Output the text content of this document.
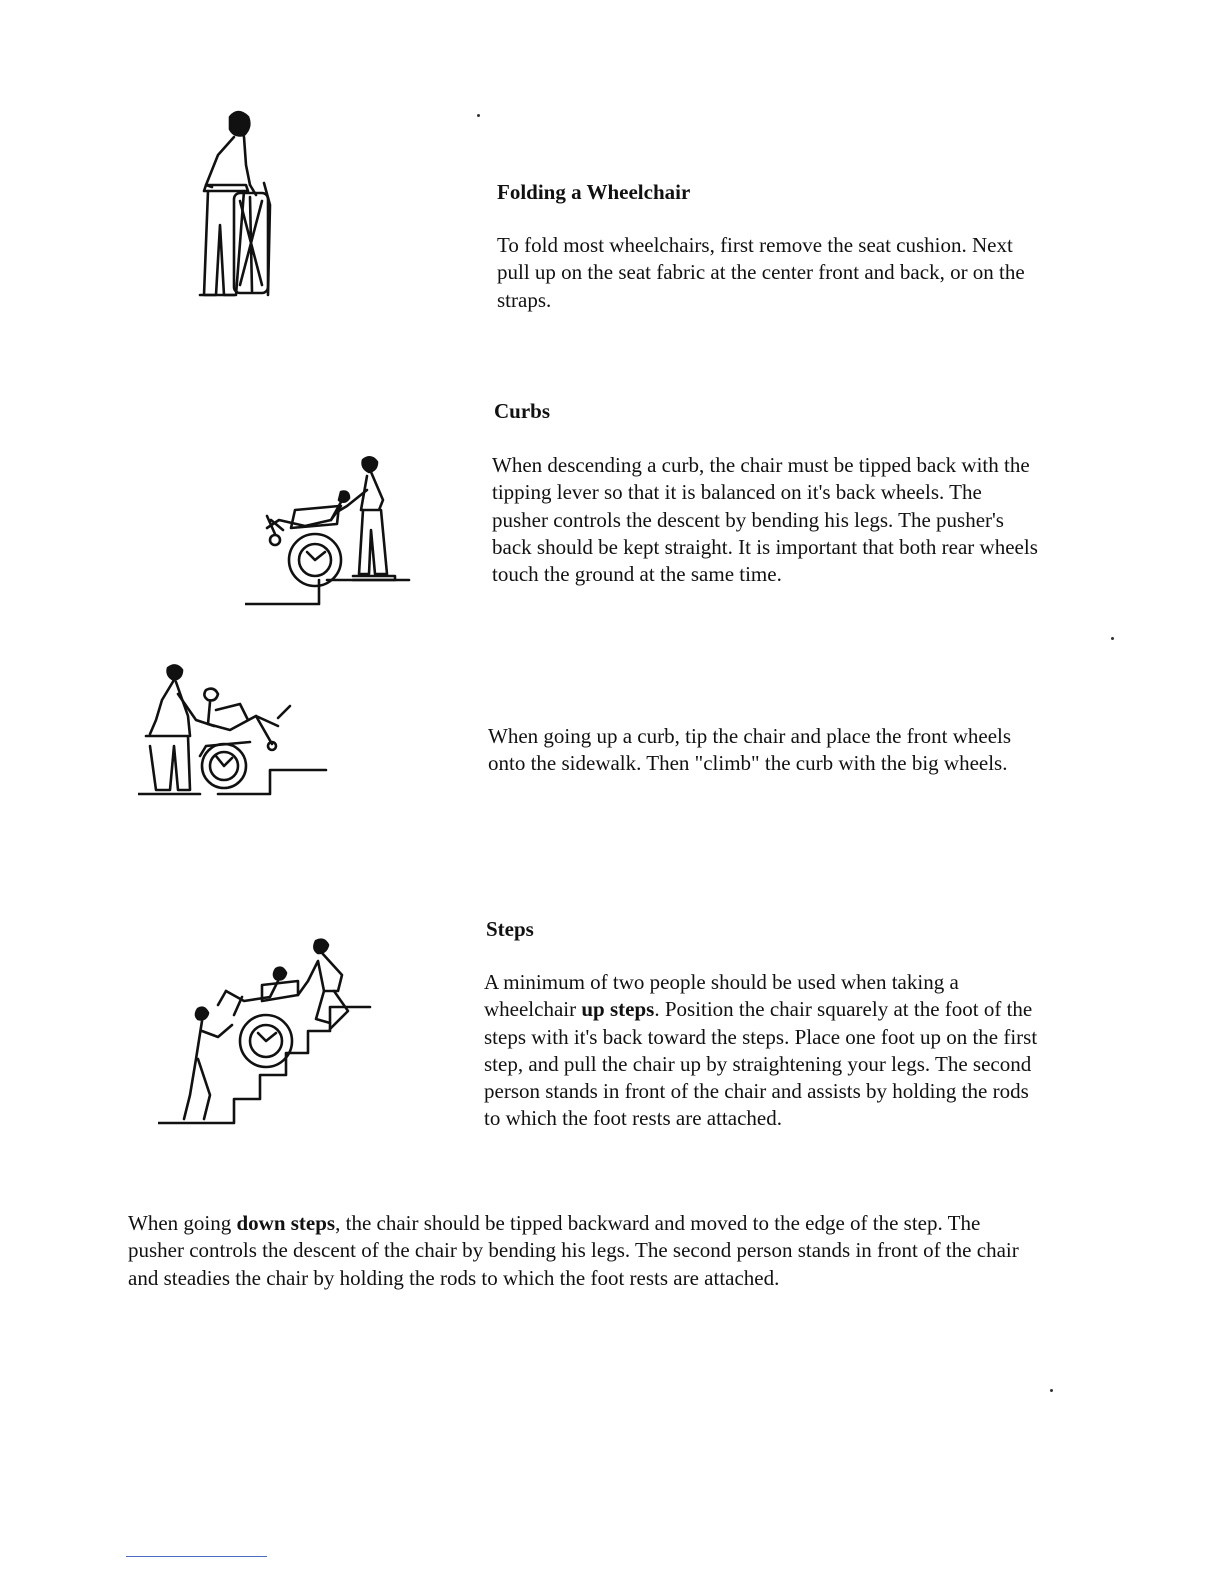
Folding a Wheelchair
To fold most wheelchairs, first remove the seat cushion. Next pull up on the seat fabric at the center front and back, or on the straps.
Curbs
When descending a curb, the chair must be tipped back with the tipping lever so that it is balanced on it's back wheels. The pusher controls the descent by bending his legs. The pusher's back should be kept straight. It is important that both rear wheels touch the ground at the same time.
When going up a curb, tip the chair and place the front wheels onto the sidewalk. Then "climb" the curb with the big wheels.
Steps
A minimum of two people should be used when taking a wheelchair up steps. Position the chair squarely at the foot of the steps with it's back toward the steps. Place one foot up on the first step, and pull the chair up by straightening your legs. The second person stands in front of the chair and assists by holding the rods to which the foot rests are attached.
When going down steps, the chair should be tipped backward and moved to the edge of the step. The pusher controls the descent of the chair by bending his legs. The second person stands in front of the chair and steadies the chair by holding the rods to which the foot rests are attached.
